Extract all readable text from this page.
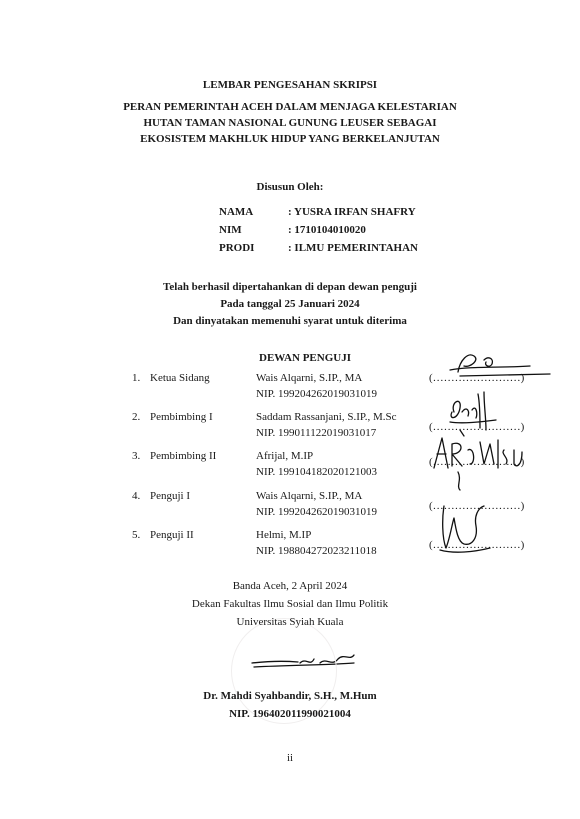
LEMBAR PENGESAHAN SKRIPSI
PERAN PEMERINTAH ACEH DALAM MENJAGA KELESTARIAN
HUTAN TAMAN NASIONAL GUNUNG LEUSER SEBAGAI
EKOSISTEM MAKHLUK HIDUP YANG BERKELANJUTAN
Disusun Oleh:
NAMA	: YUSRA IRFAN SHAFRY
NIM	: 1710104010020
PRODI	: ILMU PEMERINTAHAN
Telah berhasil dipertahankan di depan dewan penguji
Pada tanggal 25 Januari 2024
Dan dinyatakan memenuhi syarat untuk diterima
DEWAN PENGUJI
1. Ketua Sidang	Wais Alqarni, S.IP., MA
NIP. 199204262019031019
(……………………)
2. Pembimbing I	Saddam Rassanjani, S.IP., M.Sc
NIP. 199011122019031017	(……………………)
3. Pembimbing II	Afrijal, M.IP
NIP. 199104182020121003
(……………………)
4. Penguji I	Wais Alqarni, S.IP., MA
NIP. 199204262019031019	(……………………)
5. Penguji II	Helmi, M.IP
NIP. 198804272023211018	(……………………)
Banda Aceh, 2 April 2024
Dekan Fakultas Ilmu Sosial dan Ilmu Politik
Universitas Syiah Kuala
Dr. Mahdi Syahbandir, S.H., M.Hum
NIP. 196402011990021004
ii
